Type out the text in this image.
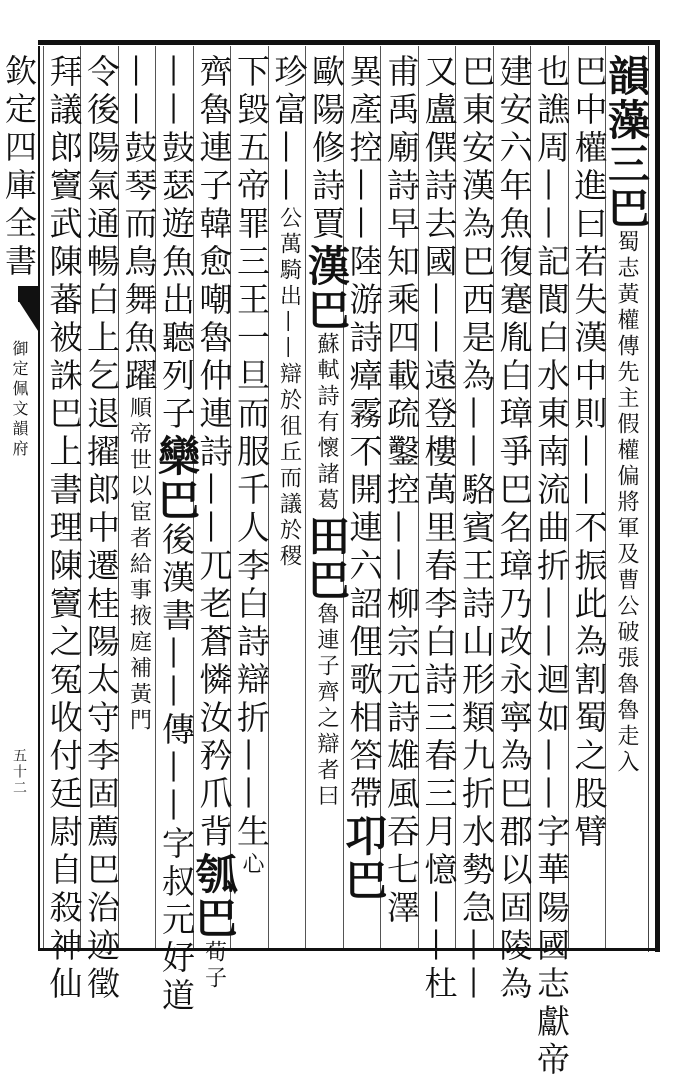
欽定四庫全書
御定佩文韻府
五十二
韻藻三巴蜀志黃權傳先主假權偏將軍及曹公破張魯魯走入
巴中權進曰若失漢中則——不振此為割蜀之股臂
也譙周——記閬白水東南流曲折——迴如——字華陽國志獻帝
建安六年魚復蹇胤白璋爭巴名璋乃改永寧為巴郡以固陵為
巴東安漢為巴西是為——駱賓王詩山形類九折水勢急——
又盧僎詩去國——遠登樓萬里春李白詩三春三月憶——杜
甫禹廟詩早知乘四載疏鑿控——柳宗元詩雄風吞七澤
異產控——陸游詩瘴霧不開連六詔俚歌相答帶卭巴
歐陽修詩賈漢巴蘇軾詩有懷諸葛田巴魯連子齊之辯者曰
珍富——公萬騎出——辯於徂丘而議於稷
下毀五帝罪三王一旦而服千人李白詩辯折——生心
齊魯連子韓愈嘲魯仲連詩——兀老蒼憐汝矜爪背瓠巴荀子
——鼓瑟遊魚出聽列子欒巴後漢書——傳——字叔元好道
——鼓琴而鳥舞魚躍順帝世以宦者給事掖庭補黃門
令後陽氣通暢白上乞退擢郎中遷桂陽太守李固薦巴治迹徵
拜議郎竇武陳蕃被誅巴上書理陳竇之冤收付廷尉自殺神仙
